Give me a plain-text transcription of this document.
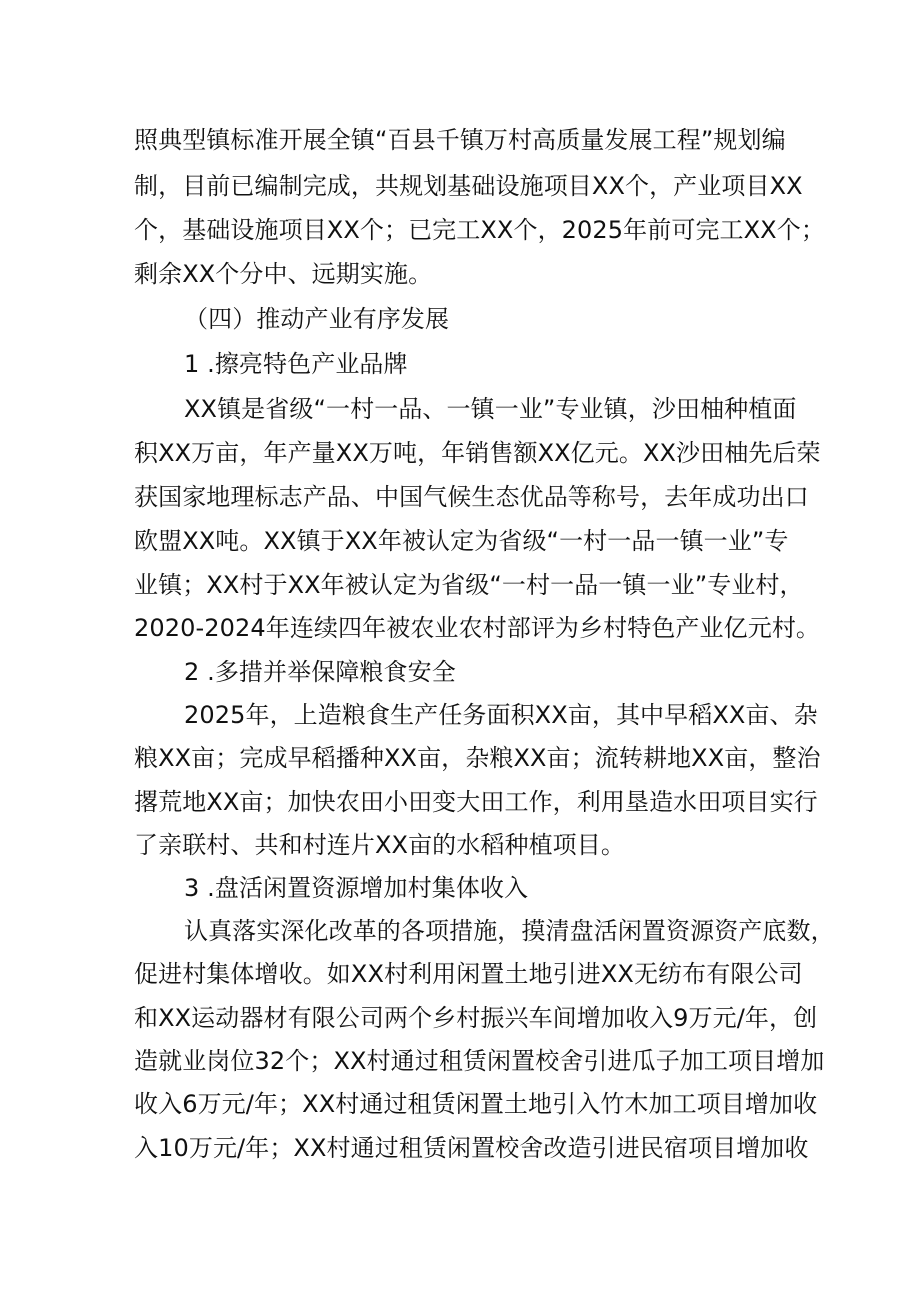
照典型镇标准开展全镇“百县千镇万村高质量发展工程”规划编
制，目前已编制完成，共规划基础设施项目XX个，产业项目XX
个，基础设施项目XX个；已完工XX个，2025年前可完工XX个；
剩余XX个分中、远期实施。
（四）推动产业有序发展
1 .擦亮特色产业品牌
XX镇是省级“一村一品、一镇一业”专业镇，沙田柚种植面
积XX万亩，年产量XX万吨，年销售额XX亿元。XX沙田柚先后荣
获国家地理标志产品、中国气候生态优品等称号，去年成功出口
欧盟XX吨。XX镇于XX年被认定为省级“一村一品一镇一业”专
业镇；XX村于XX年被认定为省级“一村一品一镇一业”专业村，
2020-2024年连续四年被农业农村部评为乡村特色产业亿元村。
2 .多措并举保障粮食安全
2025年，上造粮食生产任务面积XX亩，其中早稻XX亩、杂
粮XX亩；完成早稻播种XX亩，杂粮XX亩；流转耕地XX亩，整治
撂荒地XX亩；加快农田小田变大田工作，利用垦造水田项目实行
了亲联村、共和村连片XX亩的水稻种植项目。
3 .盘活闲置资源增加村集体收入
认真落实深化改革的各项措施，摸清盘活闲置资源资产底数，
促进村集体增收。如XX村利用闲置土地引进XX无纺布有限公司
和XX运动器材有限公司两个乡村振兴车间增加收入9万元/年，创
造就业岗位32个；XX村通过租赁闲置校舍引进瓜子加工项目增加
收入6万元/年；XX村通过租赁闲置土地引入竹木加工项目增加收
入10万元/年；XX村通过租赁闲置校舍改造引进民宿项目增加收
